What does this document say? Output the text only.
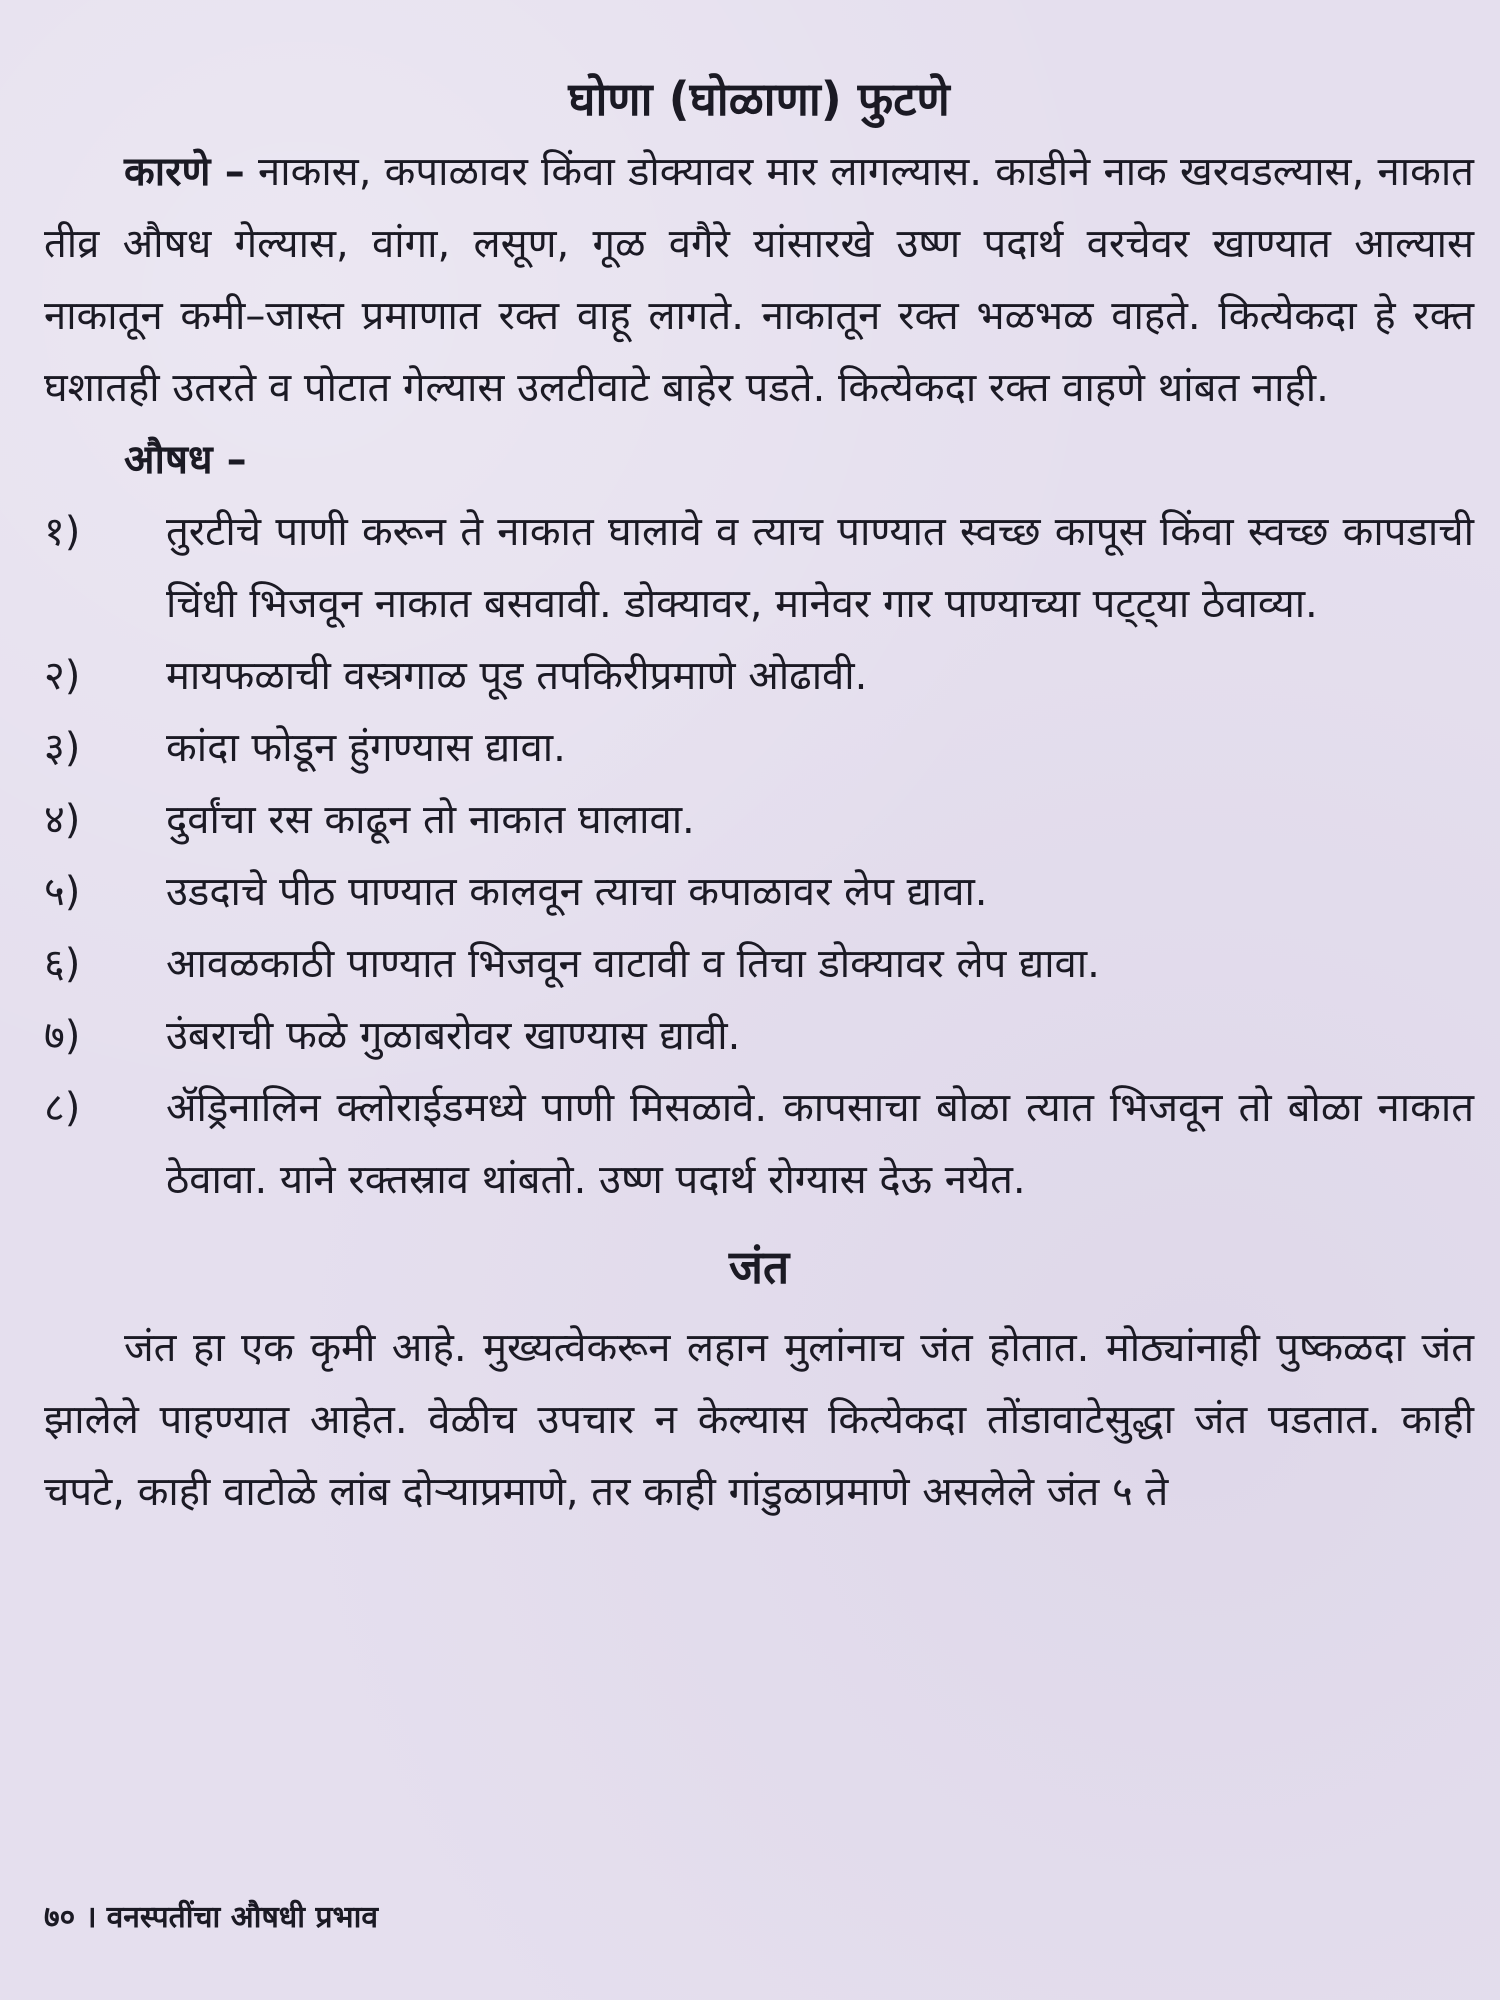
घोणा (घोळाणा) फुटणे

कारणे – नाकास, कपाळावर किंवा डोक्यावर मार लागल्यास. काडीने नाक खरवडल्यास, नाकात तीव्र औषध गेल्यास, वांगा, लसूण, गूळ वगैरे यांसारखे उष्ण पदार्थ वरचेवर खाण्यात आल्यास नाकातून कमी–जास्त प्रमाणात रक्त वाहू लागते. नाकातून रक्त भळभळ वाहते. कित्येकदा हे रक्त घशातही उतरते व पोटात गेल्यास उलटीवाटे बाहेर पडते. कित्येकदा रक्त वाहणे थांबत नाही.

औषध –
१)	तुरटीचे पाणी करून ते नाकात घालावे व त्याच पाण्यात स्वच्छ कापूस किंवा स्वच्छ कापडाची चिंधी भिजवून नाकात बसवावी. डोक्यावर, मानेवर गार पाण्याच्या पट्ट्या ठेवाव्या.
२)	मायफळाची वस्त्रगाळ पूड तपकिरीप्रमाणे ओढावी.
३)	कांदा फोडून हुंगण्यास द्यावा.
४)	दुर्वांचा रस काढून तो नाकात घालावा.
५)	उडदाचे पीठ पाण्यात कालवून त्याचा कपाळावर लेप द्यावा.
६)	आवळकाठी पाण्यात भिजवून वाटावी व तिचा डोक्यावर लेप द्यावा.
७)	उंबराची फळे गुळाबरोवर खाण्यास द्यावी.
८)	ॲड्रिनालिन क्लोराईडमध्ये पाणी मिसळावे. कापसाचा बोळा त्यात भिजवून तो बोळा नाकात ठेवावा. याने रक्तस्राव थांबतो. उष्ण पदार्थ रोग्यास देऊ नयेत.
जंत

जंत हा एक कृमी आहे. मुख्यत्वेकरून लहान मुलांनाच जंत होतात. मोठ्यांनाही पुष्कळदा जंत झालेले पाहण्यात आहेत. वेळीच उपचार न केल्यास कित्येकदा तोंडावाटेसुद्धा जंत पडतात. काही चपटे, काही वाटोळे लांब दोऱ्याप्रमाणे, तर काही गांडुळाप्रमाणे असलेले जंत ५ ते

७० । वनस्पतींचा औषधी प्रभाव
